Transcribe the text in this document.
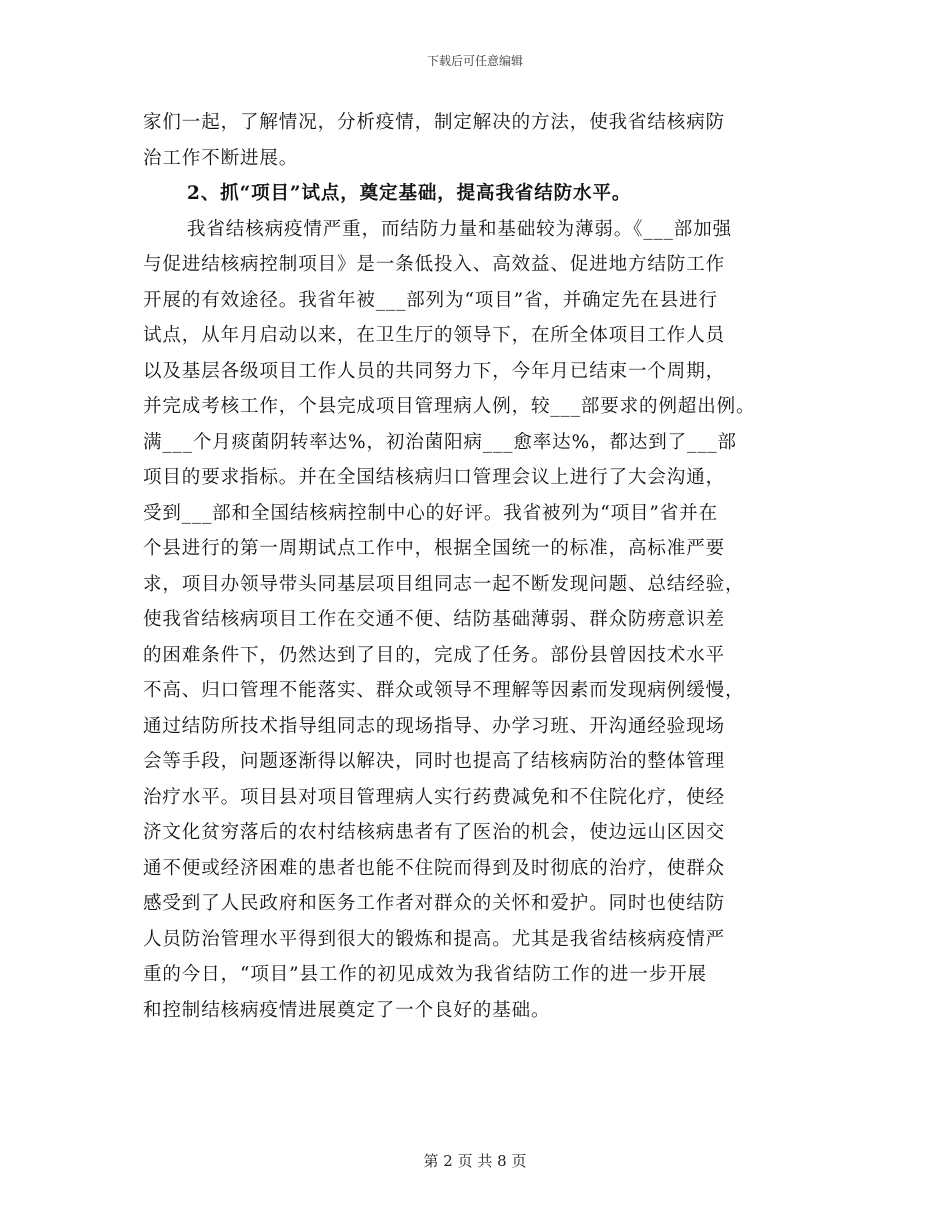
下载后可任意编辑
家们一起，了解情况，分析疫情，制定解决的方法，使我省结核病防
治工作不断进展。
2、抓“项目”试点，奠定基础，提高我省结防水平。
我省结核病疫情严重，而结防力量和基础较为薄弱。《___部加强
与促进结核病控制项目》是一条低投入、高效益、促进地方结防工作
开展的有效途径。我省年被___部列为“项目”省，并确定先在县进行
试点，从年月启动以来，在卫生厅的领导下，在所全体项目工作人员
以及基层各级项目工作人员的共同努力下，今年月已结束一个周期，
并完成考核工作，个县完成项目管理病人例，较___部要求的例超出例。
满___个月痰菌阴转率达%，初治菌阳病___愈率达%，都达到了___部
项目的要求指标。并在全国结核病归口管理会议上进行了大会沟通，
受到___部和全国结核病控制中心的好评。我省被列为“项目”省并在
个县进行的第一周期试点工作中，根据全国统一的标准，高标准严要
求，项目办领导带头同基层项目组同志一起不断发现问题、总结经验，
使我省结核病项目工作在交通不便、结防基础薄弱、群众防痨意识差
的困难条件下，仍然达到了目的，完成了任务。部份县曾因技术水平
不高、归口管理不能落实、群众或领导不理解等因素而发现病例缓慢，
通过结防所技术指导组同志的现场指导、办学习班、开沟通经验现场
会等手段，问题逐渐得以解决，同时也提高了结核病防治的整体管理
治疗水平。项目县对项目管理病人实行药费减免和不住院化疗，使经
济文化贫穷落后的农村结核病患者有了医治的机会，使边远山区因交
通不便或经济困难的患者也能不住院而得到及时彻底的治疗，使群众
感受到了人民政府和医务工作者对群众的关怀和爱护。同时也使结防
人员防治管理水平得到很大的锻炼和提高。尤其是我省结核病疫情严
重的今日，“项目”县工作的初见成效为我省结防工作的进一步开展
和控制结核病疫情进展奠定了一个良好的基础。
第 2 页 共 8 页
